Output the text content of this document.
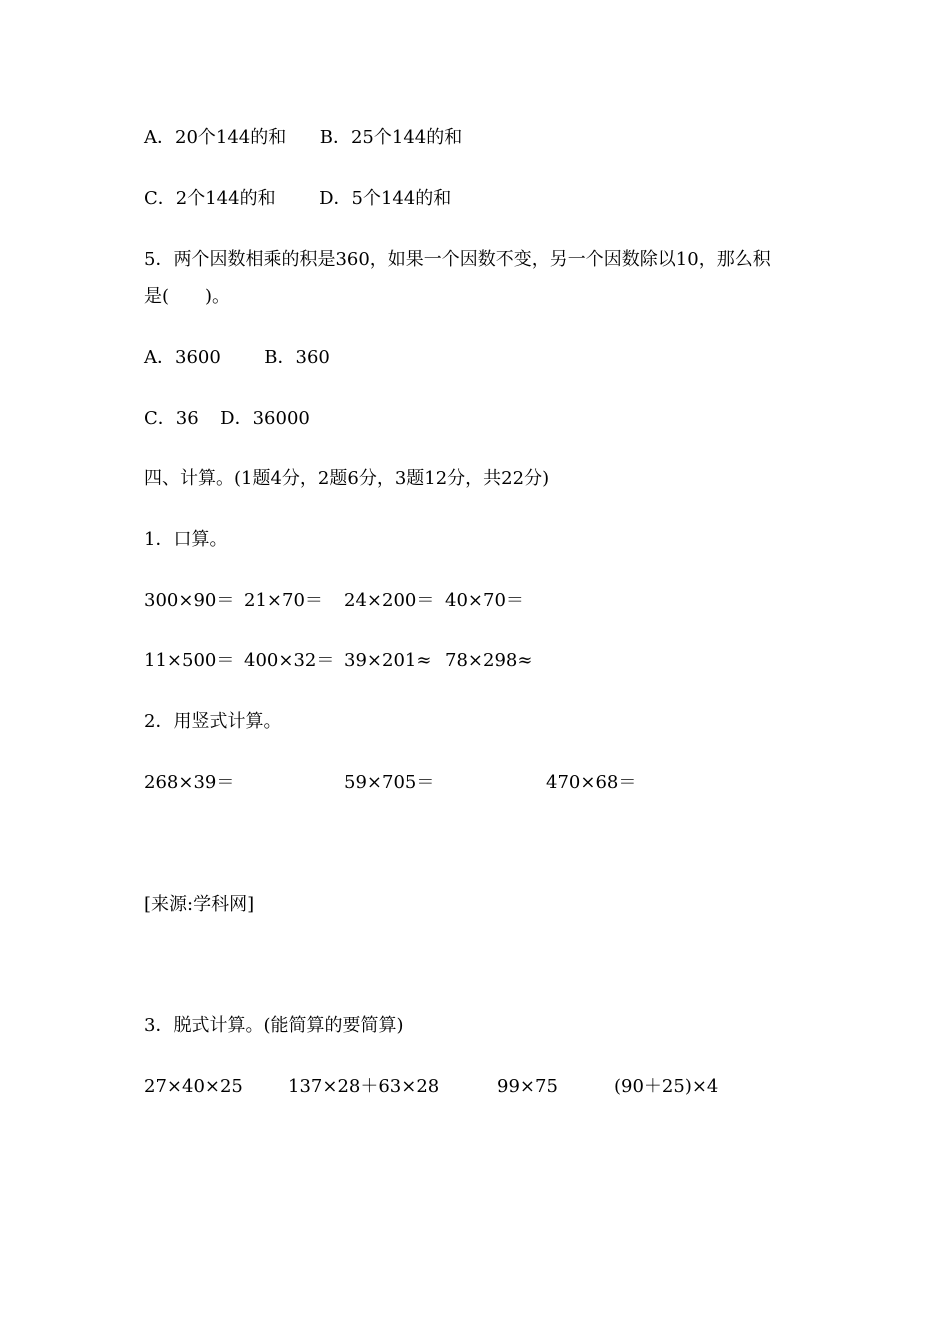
A．20个144的和 B．25个144的和
C．2个144的和 D．5个144的和
5．两个因数相乘的积是360，如果一个因数不变，另一个因数除以10，那么积
是(　　)。
A．3600 B．360
C．36 D．36000
四、计算。(1题4分，2题6分，3题12分，共22分)
1．口算。
300×90＝ 21×70＝ 24×200＝ 40×70＝
11×500＝ 400×32＝ 39×201≈ 78×298≈
2．用竖式计算。
268×39＝	59×705＝	470×68＝
[来源:学科网]
3．脱式计算。(能简算的要简算)
27×40×25	137×28＋63×28	99×75	(90＋25)×4
